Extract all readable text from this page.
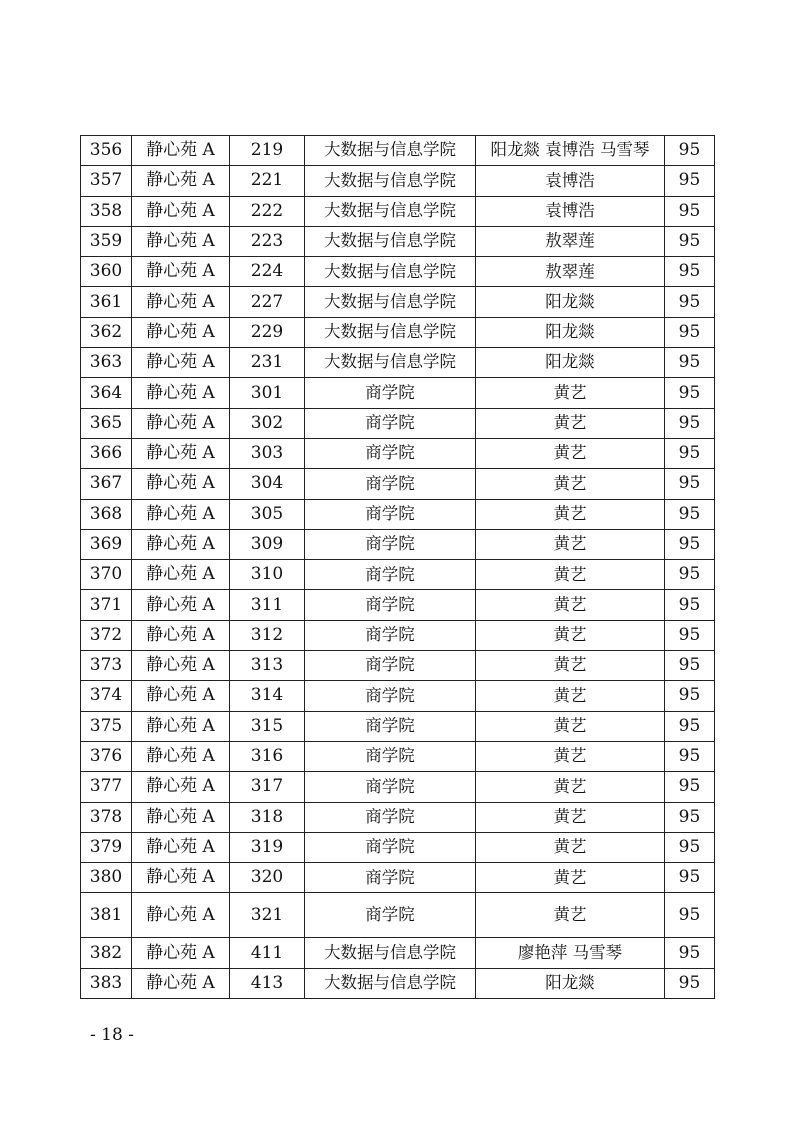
356	静心苑 A	219	大数据与信息学院	阳龙燚 袁博浩 马雪琴	95
357	静心苑 A	221	大数据与信息学院	袁博浩	95
358	静心苑 A	222	大数据与信息学院	袁博浩	95
359	静心苑 A	223	大数据与信息学院	敖翠莲	95
360	静心苑 A	224	大数据与信息学院	敖翠莲	95
361	静心苑 A	227	大数据与信息学院	阳龙燚	95
362	静心苑 A	229	大数据与信息学院	阳龙燚	95
363	静心苑 A	231	大数据与信息学院	阳龙燚	95
364	静心苑 A	301	商学院	黄艺	95
365	静心苑 A	302	商学院	黄艺	95
366	静心苑 A	303	商学院	黄艺	95
367	静心苑 A	304	商学院	黄艺	95
368	静心苑 A	305	商学院	黄艺	95
369	静心苑 A	309	商学院	黄艺	95
370	静心苑 A	310	商学院	黄艺	95
371	静心苑 A	311	商学院	黄艺	95
372	静心苑 A	312	商学院	黄艺	95
373	静心苑 A	313	商学院	黄艺	95
374	静心苑 A	314	商学院	黄艺	95
375	静心苑 A	315	商学院	黄艺	95
376	静心苑 A	316	商学院	黄艺	95
377	静心苑 A	317	商学院	黄艺	95
378	静心苑 A	318	商学院	黄艺	95
379	静心苑 A	319	商学院	黄艺	95
380	静心苑 A	320	商学院	黄艺	95
381	静心苑 A	321	商学院	黄艺	95
382	静心苑 A	411	大数据与信息学院	廖艳萍 马雪琴	95
383	静心苑 A	413	大数据与信息学院	阳龙燚	95
- 18 -
